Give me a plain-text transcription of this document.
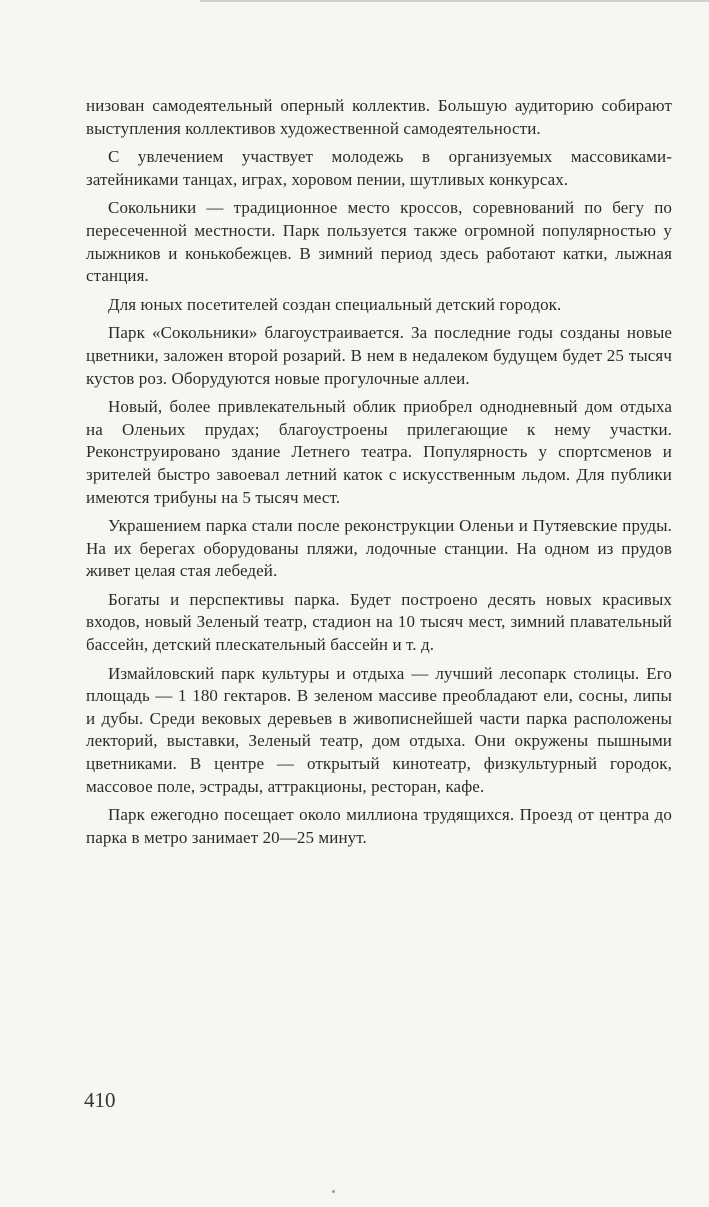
низован самодеятельный оперный коллектив. Большую аудиторию собирают выступления коллективов художественной самодеятельности.

С увлечением участвует молодежь в организуемых массовиками-затейниками танцах, играх, хоровом пении, шутливых конкурсах.

Сокольники — традиционное место кроссов, соревнований по бегу по пересеченной местности. Парк пользуется также огромной популярностью у лыжников и конькобежцев. В зимний период здесь работают катки, лыжная станция.

Для юных посетителей создан специальный детский городок.

Парк «Сокольники» благоустраивается. За последние годы созданы новые цветники, заложен второй розарий. В нем в недалеком будущем будет 25 тысяч кустов роз. Оборудуются новые прогулочные аллеи.

Новый, более привлекательный облик приобрел однодневный дом отдыха на Оленьих прудах; благоустроены прилегающие к нему участки. Реконструировано здание Летнего театра. Популярность у спортсменов и зрителей быстро завоевал летний каток с искусственным льдом. Для публики имеются трибуны на 5 тысяч мест.

Украшением парка стали после реконструкции Оленьи и Путяевские пруды. На их берегах оборудованы пляжи, лодочные станции. На одном из прудов живет целая стая лебедей.

Богаты и перспективы парка. Будет построено десять новых красивых входов, новый Зеленый театр, стадион на 10 тысяч мест, зимний плавательный бассейн, детский плескательный бассейн и т. д.

Измайловский парк культуры и отдыха — лучший лесопарк столицы. Его площадь — 1 180 гектаров. В зеленом массиве преобладают ели, сосны, липы и дубы. Среди вековых деревьев в живописнейшей части парка расположены лекторий, выставки, Зеленый театр, дом отдыха. Они окружены пышными цветниками. В центре — открытый кинотеатр, физкультурный городок, массовое поле, эстрады, аттракционы, ресторан, кафе.

Парк ежегодно посещает около миллиона трудящихся. Проезд от центра до парка в метро занимает 20—25 минут.

410
